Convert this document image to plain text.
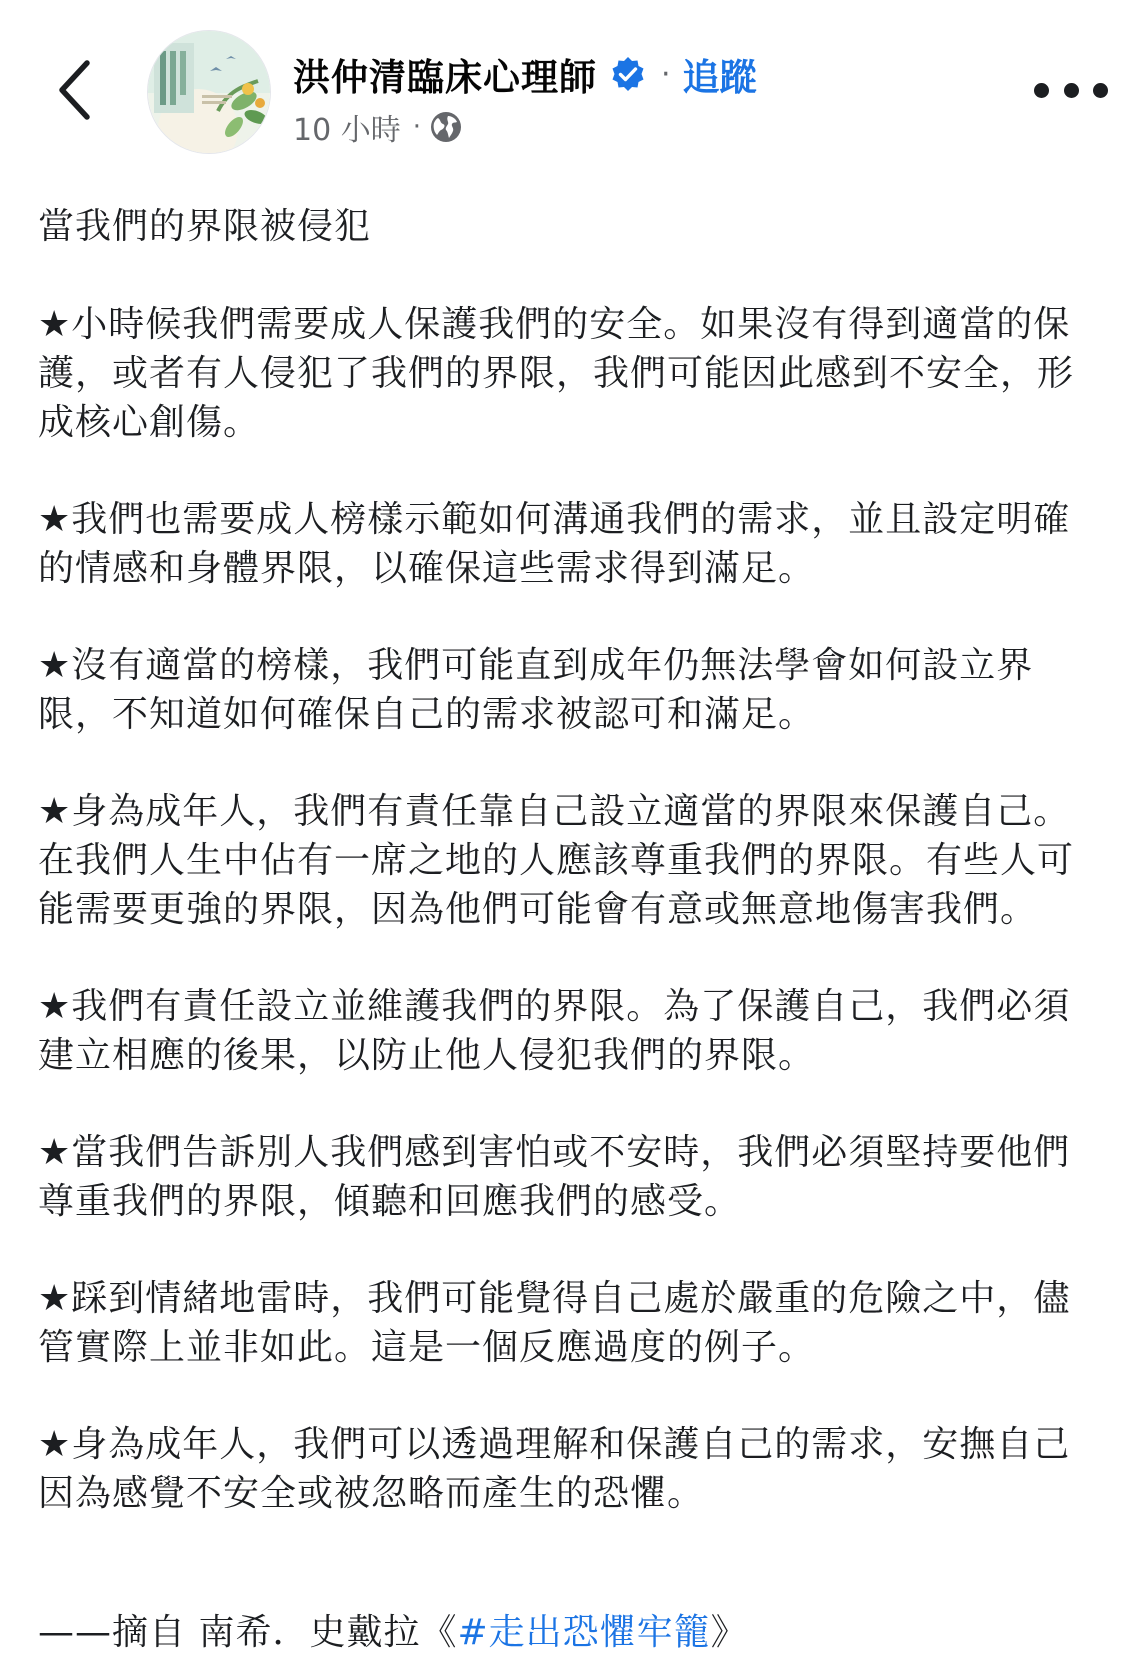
洪仲清臨床心理師 · 追蹤
10 小時 ·

當我們的界限被侵犯

★小時候我們需要成人保護我們的安全。如果沒有得到適當的保護，或者有人侵犯了我們的界限，我們可能因此感到不安全，形成核心創傷。

★我們也需要成人榜樣示範如何溝通我們的需求，並且設定明確的情感和身體界限，以確保這些需求得到滿足。

★沒有適當的榜樣，我們可能直到成年仍無法學會如何設立界限，不知道如何確保自己的需求被認可和滿足。

★身為成年人，我們有責任靠自己設立適當的界限來保護自己。在我們人生中佔有一席之地的人應該尊重我們的界限。有些人可能需要更強的界限，因為他們可能會有意或無意地傷害我們。

★我們有責任設立並維護我們的界限。為了保護自己，我們必須建立相應的後果，以防止他人侵犯我們的界限。

★當我們告訴別人我們感到害怕或不安時，我們必須堅持要他們尊重我們的界限，傾聽和回應我們的感受。

★踩到情緒地雷時，我們可能覺得自己處於嚴重的危險之中，儘管實際上並非如此。這是一個反應過度的例子。

★身為成年人，我們可以透過理解和保護自己的需求，安撫自己因為感覺不安全或被忽略而產生的恐懼。

——摘自 南希．史戴拉《#走出恐懼牢籠》
